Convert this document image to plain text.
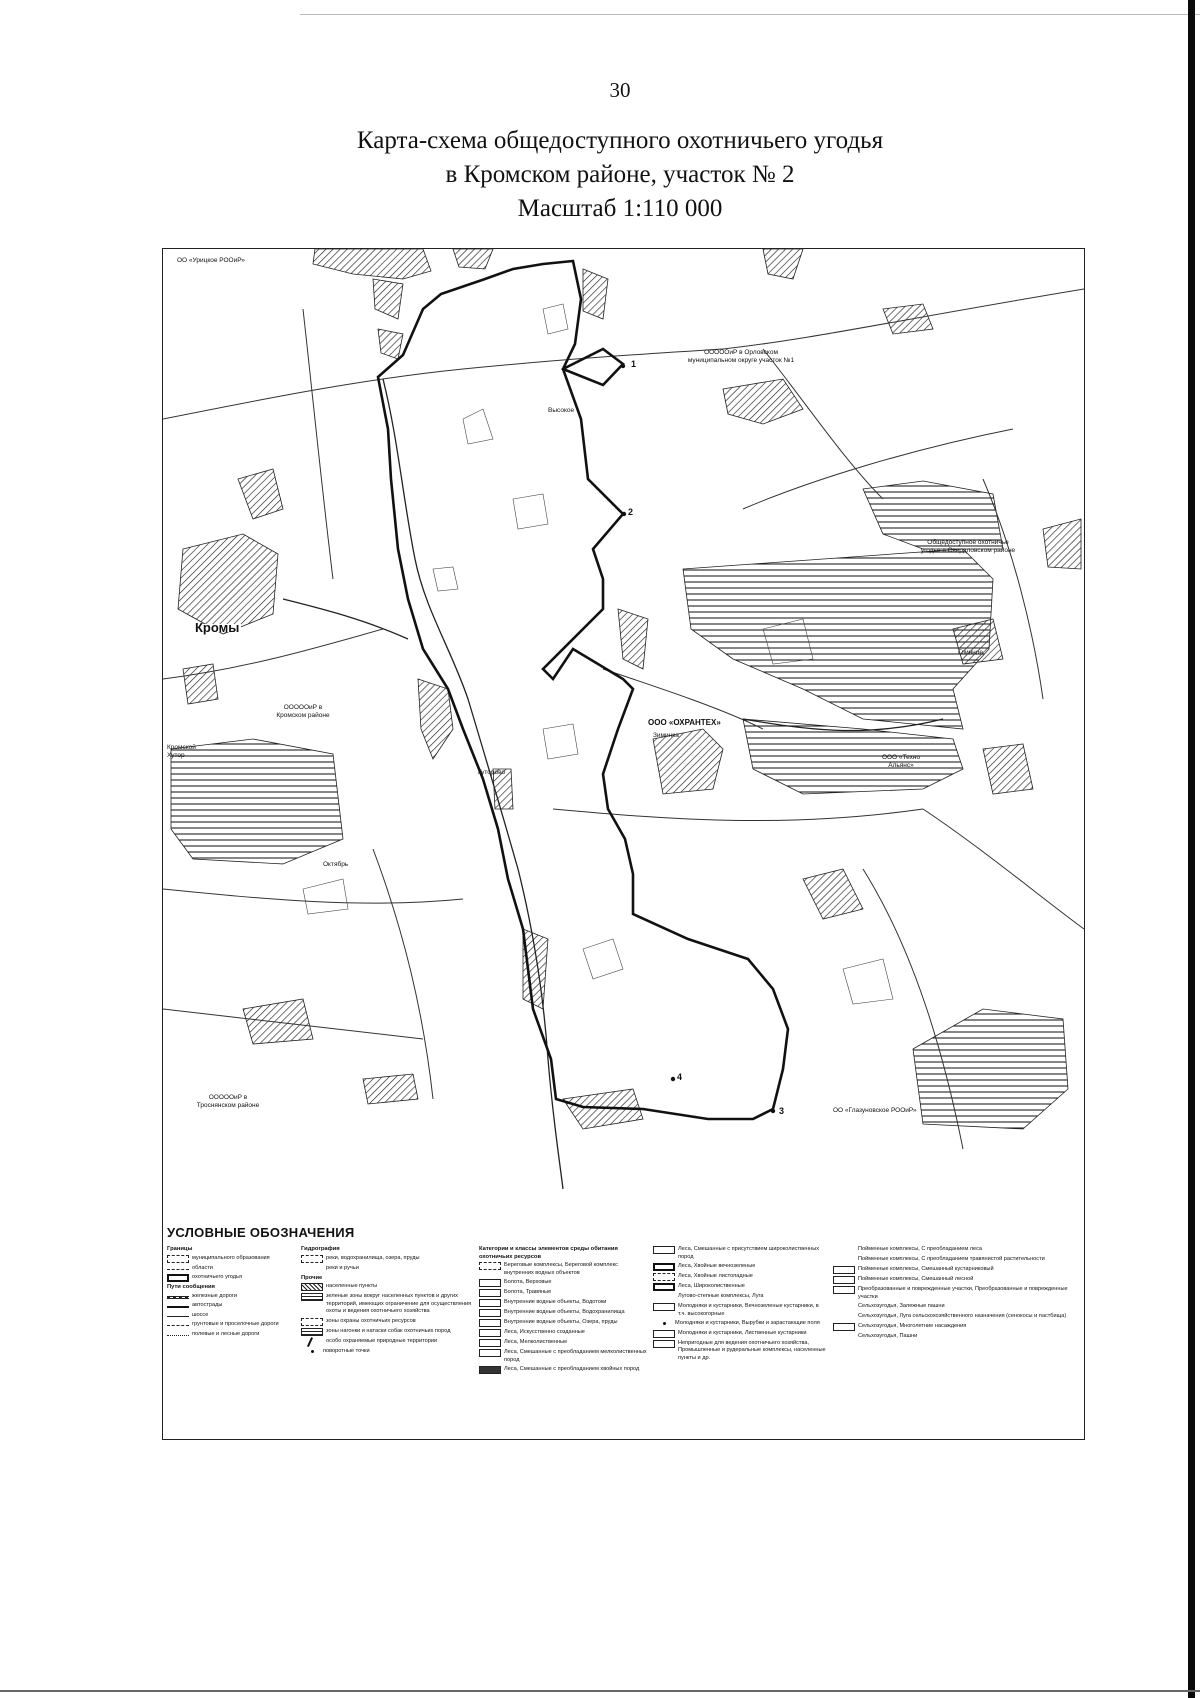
30
Карта-схема общедоступного охотничьего угодья
в Кромском районе, участок № 2
Масштаб 1:110 000
ОО «Урицкое РООиР»
ОООООиР в Орловском муниципальном округе участок №1
Общедоступное охотничье угодье в Свердловском районе
ОООООиР в Кромском районе
ООО «ОХРАНТЕХ»
ООО «Техно Альянс»
ОООООиР в Троснянском районе
ОО «Глазуновское РООиР»
Кромы
Октябрь
Зиминка
Глинное
Гуторово
Высокое
Кромской Хутор
1
2
3
4
УСЛОВНЫЕ ОБОЗНАЧЕНИЯ
Границы
муниципального образования
области
охотничьего угодья
Пути сообщения
железные дороги
автострады
шоссе
грунтовые и проселочные дороги
полевые и лесные дороги
Гидрография
реки, водохранилища, озера, пруды
реки и ручьи
Прочие
населенные пункты
зеленые зоны вокруг населенных пунктов и других территорий, имеющих ограничение для осуществления охоты и ведения охотничьего хозяйства
зоны охраны охотничьих ресурсов
зоны нагонки и натаски собак охотничьих пород
особо охраняемые природные территории
поворотные точки
Категории и классы элементов среды обитания охотничьих ресурсов
Береговые комплексы, Береговой комплекс внутренних водных объектов
Болота, Верховые
Болота, Травяные
Внутренние водные объекты, Водотоки
Внутренние водные объекты, Водохранилища
Внутренние водные объекты, Озера, пруды
Леса, Искусственно созданные
Леса, Мелколиственные
Леса, Смешанные с преобладанием мелколиственных пород
Леса, Смешанные с преобладанием хвойных пород
Леса, Смешанные с присутствием широколиственных пород
Леса, Хвойные вечнозеленые
Леса, Хвойные листопадные
Леса, Широколиственные
Лугово-степные комплексы, Луга
Молодняки и кустарники, Вечнозеленые кустарники, в т.ч. высокогорные
Молодняки и кустарники, Вырубки и зарастающие поля
Молодняки и кустарники, Лиственные кустарники
Непригодные для ведения охотничьего хозяйства, Промышленные и рудеральные комплексы, населенные пункты и др.
Пойменные комплексы, С преобладанием леса
Пойменные комплексы, С преобладанием травянистой растительности
Пойменные комплексы, Смешанный кустарниковый
Пойменные комплексы, Смешанный лесной
Преобразованные и поврежденные участки, Преобразованные и поврежденные участки
Сельхозугодья, Залежные пашни
Сельхозугодья, Луга сельскохозяйственного назначения (сенокосы и пастбища)
Сельхозугодья, Многолетние насаждения
Сельхозугодья, Пашни
